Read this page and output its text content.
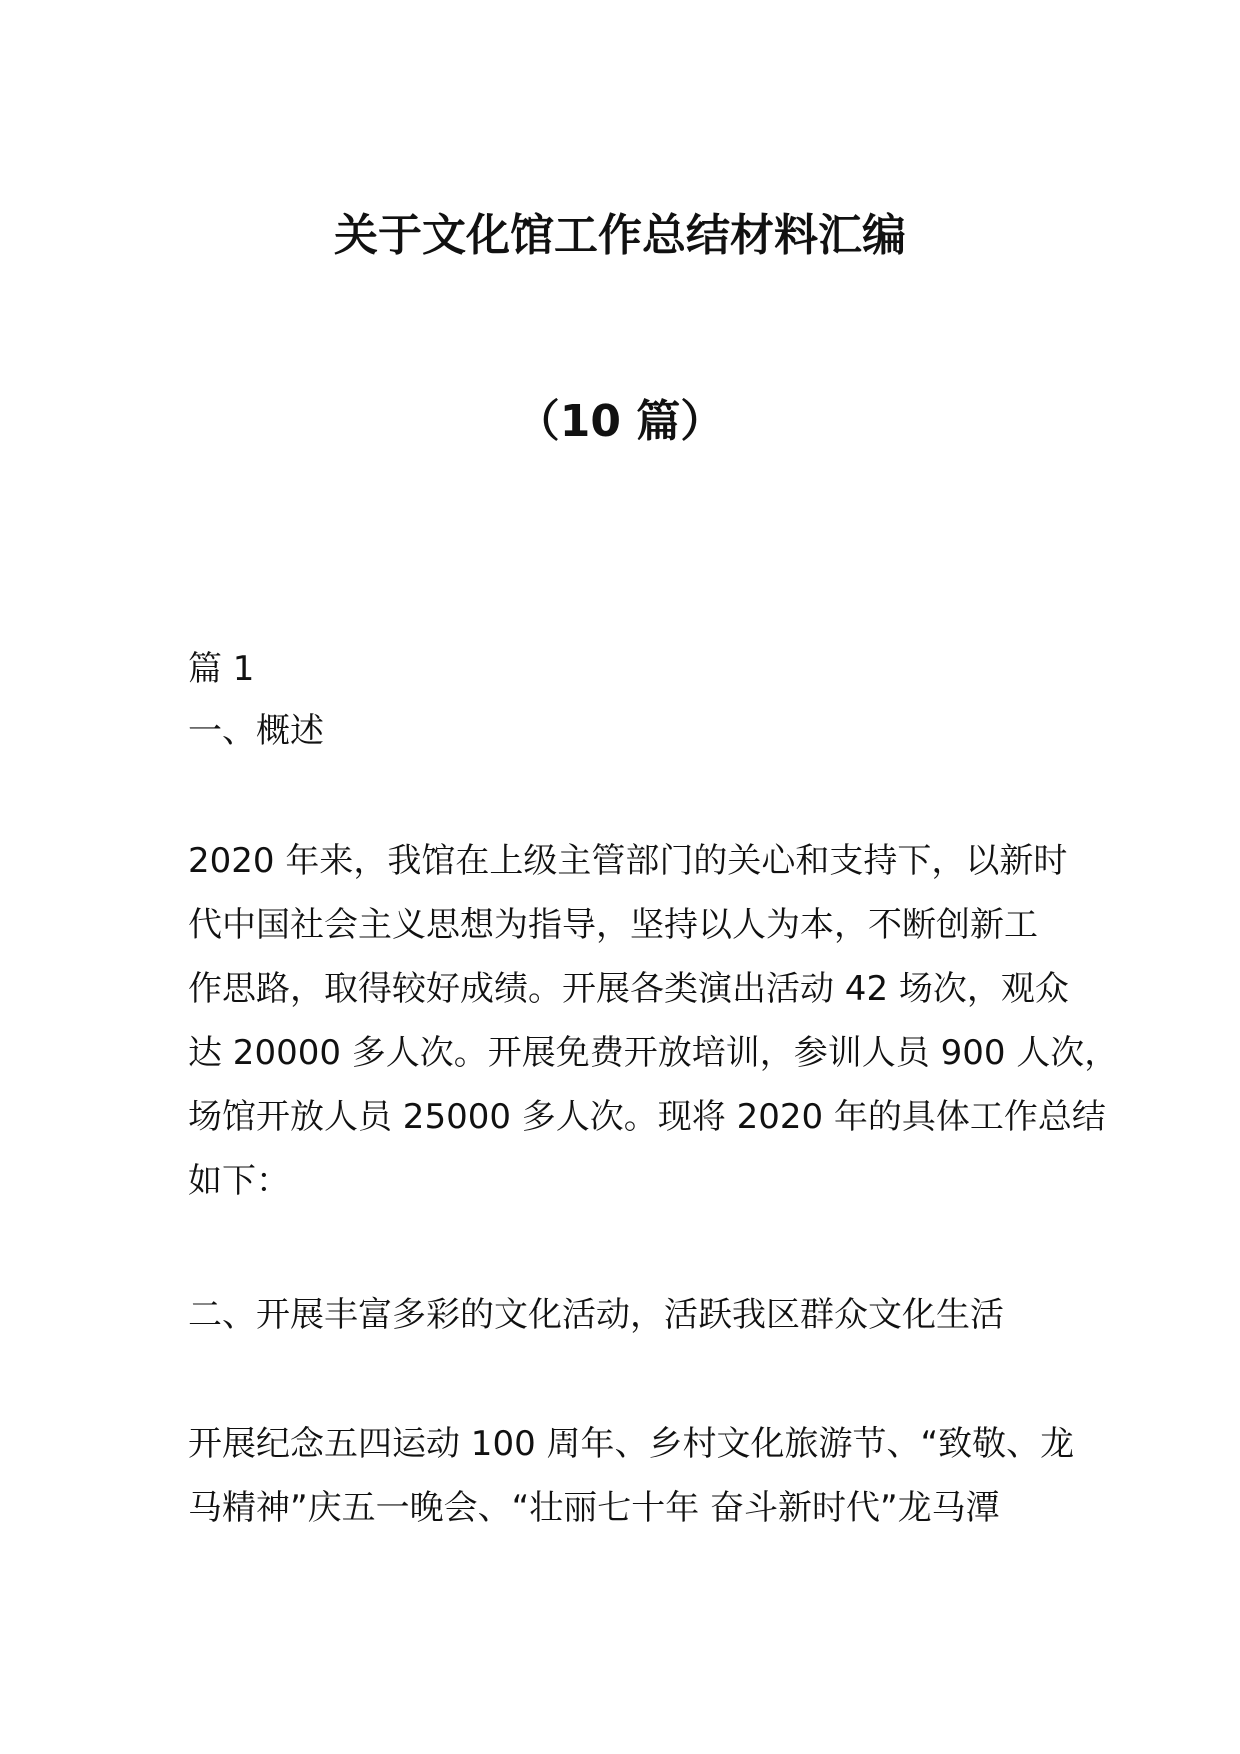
关于文化馆工作总结材料汇编
（10 篇）

篇 1

一、概述

2020 年来，我馆在上级主管部门的关心和支持下，以新时
代中国社会主义思想为指导，坚持以人为本，不断创新工
作思路，取得较好成绩。开展各类演出活动 42 场次，观众
达 20000 多人次。开展免费开放培训，参训人员 900 人次，
场馆开放人员 25000 多人次。现将 2020 年的具体工作总结
如下：

二、开展丰富多彩的文化活动，活跃我区群众文化生活

开展纪念五四运动 100 周年、乡村文化旅游节、“致敬、龙
马精神”庆五一晚会、“壮丽七十年 奋斗新时代”龙马潭
